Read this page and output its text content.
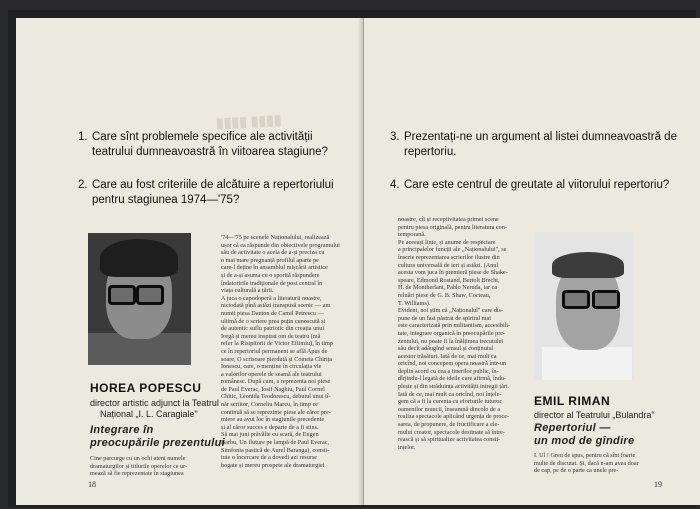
▮▮▮▮ ▮▮▮▮
1. Care sînt problemele specifice ale activității teatrului dumneavoastră în viitoarea stagiune?
2. Care au fost criteriile de alcătuire a repertoriului pentru stagiunea 1974—'75?
HOREA POPESCU
director artistic adjunct la Teatrul
Național „I. L. Caragiale"
Integrare în
preocupările prezentului
Cine parcurge cu un ochi atent numele
dramaturgilor și titlurile operelor ce ur-
mează să fie reprezentate în stagiunea
'74—'75 pe scenele Naționalului, realizează
ușor că ea răspunde din obiectivele programului
său de activitate o acela de a-și preciza cu
o mai mare pregnanță profilul aparte pe
care-l deține în ansamblul mișcării artistice
și de a-și asuma cu o sporită răspundere
îndatoririle tradiționale de post central în
viața culturală a țării.
A juca o capodoperă a literaturii noastre,
niciodată pînă astăzi transpusă scenic — am
numit piesa Danton de Camil Petrescu —
ultimă de o scriere prea puțin cunoscută și
de autentic suflu patriotic din creația unui
Iorgă și mereu inspirat om de teatru (mă
refer la Risipitorii de Victor Eftimiu), în timp
ce în repertoriul permanent se află Apus de
soare, O scrisoare pierdută și Cometa Chirița
Ionescu, care, o menține în circulația vie
a valorilor operele de seamă ale teatrului
românesc. După cum, a reprezenta noi piese
de Paul Everac, Iosif Naghiu, Paul Cornel
Chitic, Leonida Teodorescu, debutul unui tî-
năr scriitor, Corneliu Marcu, în timp ce
continuă să se reprezinte piese ale căror pre-
miere au avut loc în stagiunile precedente
și al căror succes e departe de a fi stins.
Să mai juni prăvălie cu scară, de Eugen
Barbu, Un fluture pe lampă de Paul Everac,
Simfonia pastică de Aurel Baranga), consti-
tuie o încercare de a dovedi azi resurse
bogate și mereu prospete ale dramaturgiei
18
3. Prezentați-ne un argument al listei dumneavoastră de repertoriu.
4. Care este centrul de greutate al viitorului repertoriu?
noastre, cît și receptivitatea primei scene
pentru piesa originală, pentru literatura con-
temporană.
Pe aceeași linie, și anume de respectare
a principalelor funcții ale „Naționalului", se
înscrie reprezentarea scrierilor ilustre din
cultura universală de ieri și astăzi. (Anul
acesta vom juca în premieră piese de Shake-
speare, Edmond Rostand, Bertolt Brecht,
H. de Montherlant, Pablo Neruda, iar ca
reluări piese de G. B. Shaw, Cocteau,
T. Williams).
Evident, noi știm că „Naționalul" care dis-
pune de un fast păstrat de spiritul mai
este caracterizată prin militantism, accesibili-
tate, integrare organică în preocupările pre-
zentului, nu poate fi la înălțimea trecutului
său decît adăugînd sensul și conținutul
acestor trăsături. Iată de ce, mai mult ca
oricînd, noi concepem opera noastră într-un
deplin acord cu cea a tinerilor public, în-
dîrjindu-l legată de ideile care afirmă, îndu-
plește și din străduința activității intregii țări.
Iată de ce, mai mult ca oricînd, noi înțele-
gem că a fi la curenta cu eforturile tuturor
oamenilor muncii, înseamnă dincolo de a
realiza spectacole aplicând urgența de proce-
sarea, de propunere, de fructificare a ele-
mului creator, spectacole destinate să între-
rească și să spiritualize activitatea consti-
ințelor.
EMIL RIMAN
director al Teatrului „Bulandra"
Repertoriul —
un mod de gîndire
I. Ul ! Greu de spus, pentru că sînt foarte
multe de discutat. Și, dacă n-am avea doar
de cap, pe de o parte ca unele pre-
19
